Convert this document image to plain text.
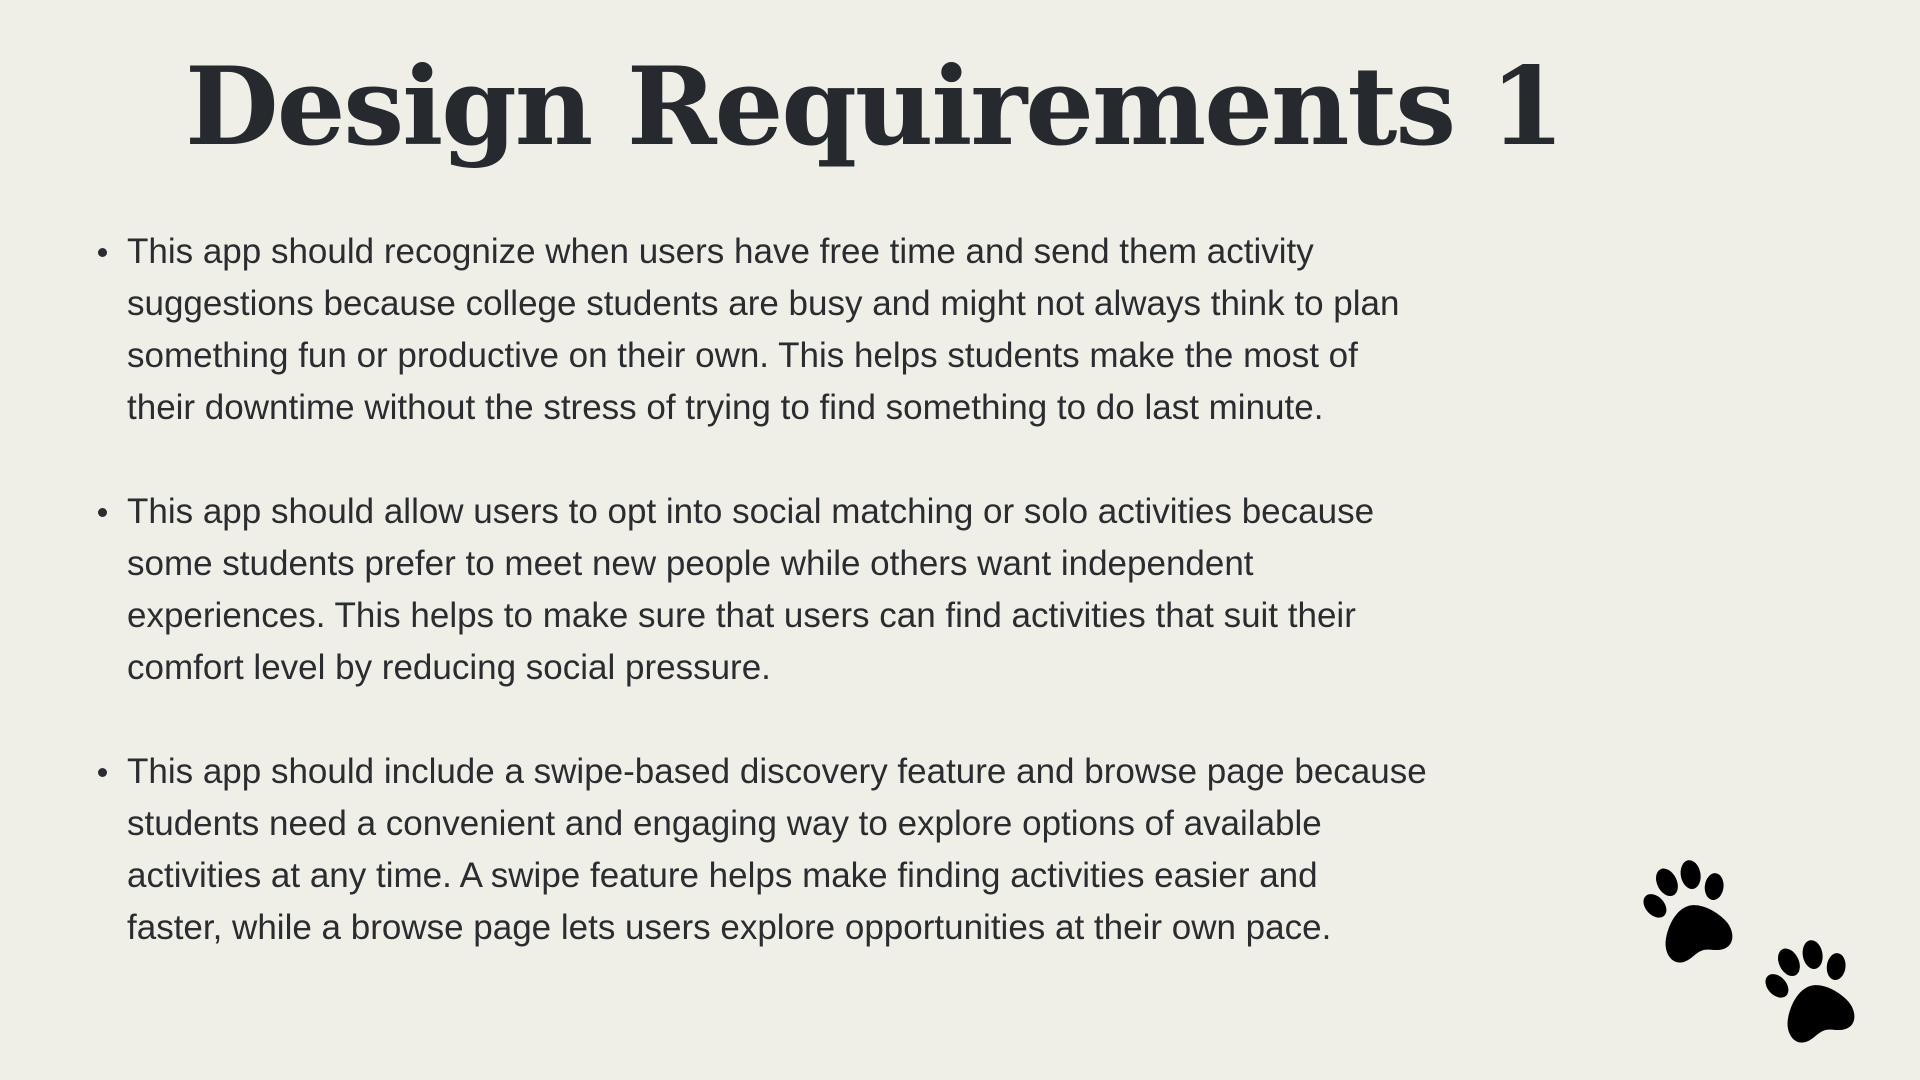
Design Requirements 1
This app should recognize when users have free time and send them activity
suggestions because college students are busy and might not always think to plan
something fun or productive on their own. This helps students make the most of
their downtime without the stress of trying to find something to do last minute.
This app should allow users to opt into social matching or solo activities because
some students prefer to meet new people while others want independent
experiences. This helps to make sure that users can find activities that suit their
comfort level by reducing social pressure.
This app should include a swipe-based discovery feature and browse page because
students need a convenient and engaging way to explore options of available
activities at any time. A swipe feature helps make finding activities easier and
faster, while a browse page lets users explore opportunities at their own pace.
